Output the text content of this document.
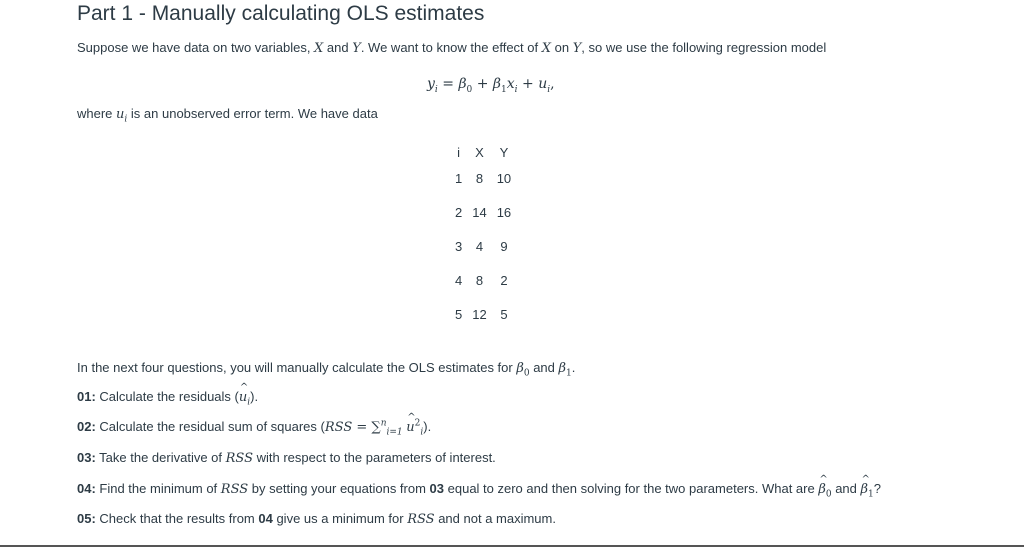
Part 1 - Manually calculating OLS estimates
Suppose we have data on two variables, X and Y. We want to know the effect of X on Y, so we use the following regression model
$y_i = \beta_0 + \beta_1x_i + u_i$,
where $u_i$ is an unobserved error term. We have data
i	X	Y
1	8	10
2	14	16
3	4	9
4	8	2
5	12	5
In the next four questions, you will manually calculate the OLS estimates for $\beta_0$ and $\beta_1$.
01: Calculate the residuals (^ $u_i$).
02: Calculate the residual sum of squares (RSS = ∑$^n_{i=1}$ ^ $u^2_i$).
03: Take the derivative of RSS with respect to the parameters of interest.
04: Find the minimum of RSS by setting your equations from 03 equal to zero and then solving for the two parameters. What are ^ $\beta_0$ and ^ $\beta_1$?
05: Check that the results from 04 give us a minimum for RSS and not a maximum.
